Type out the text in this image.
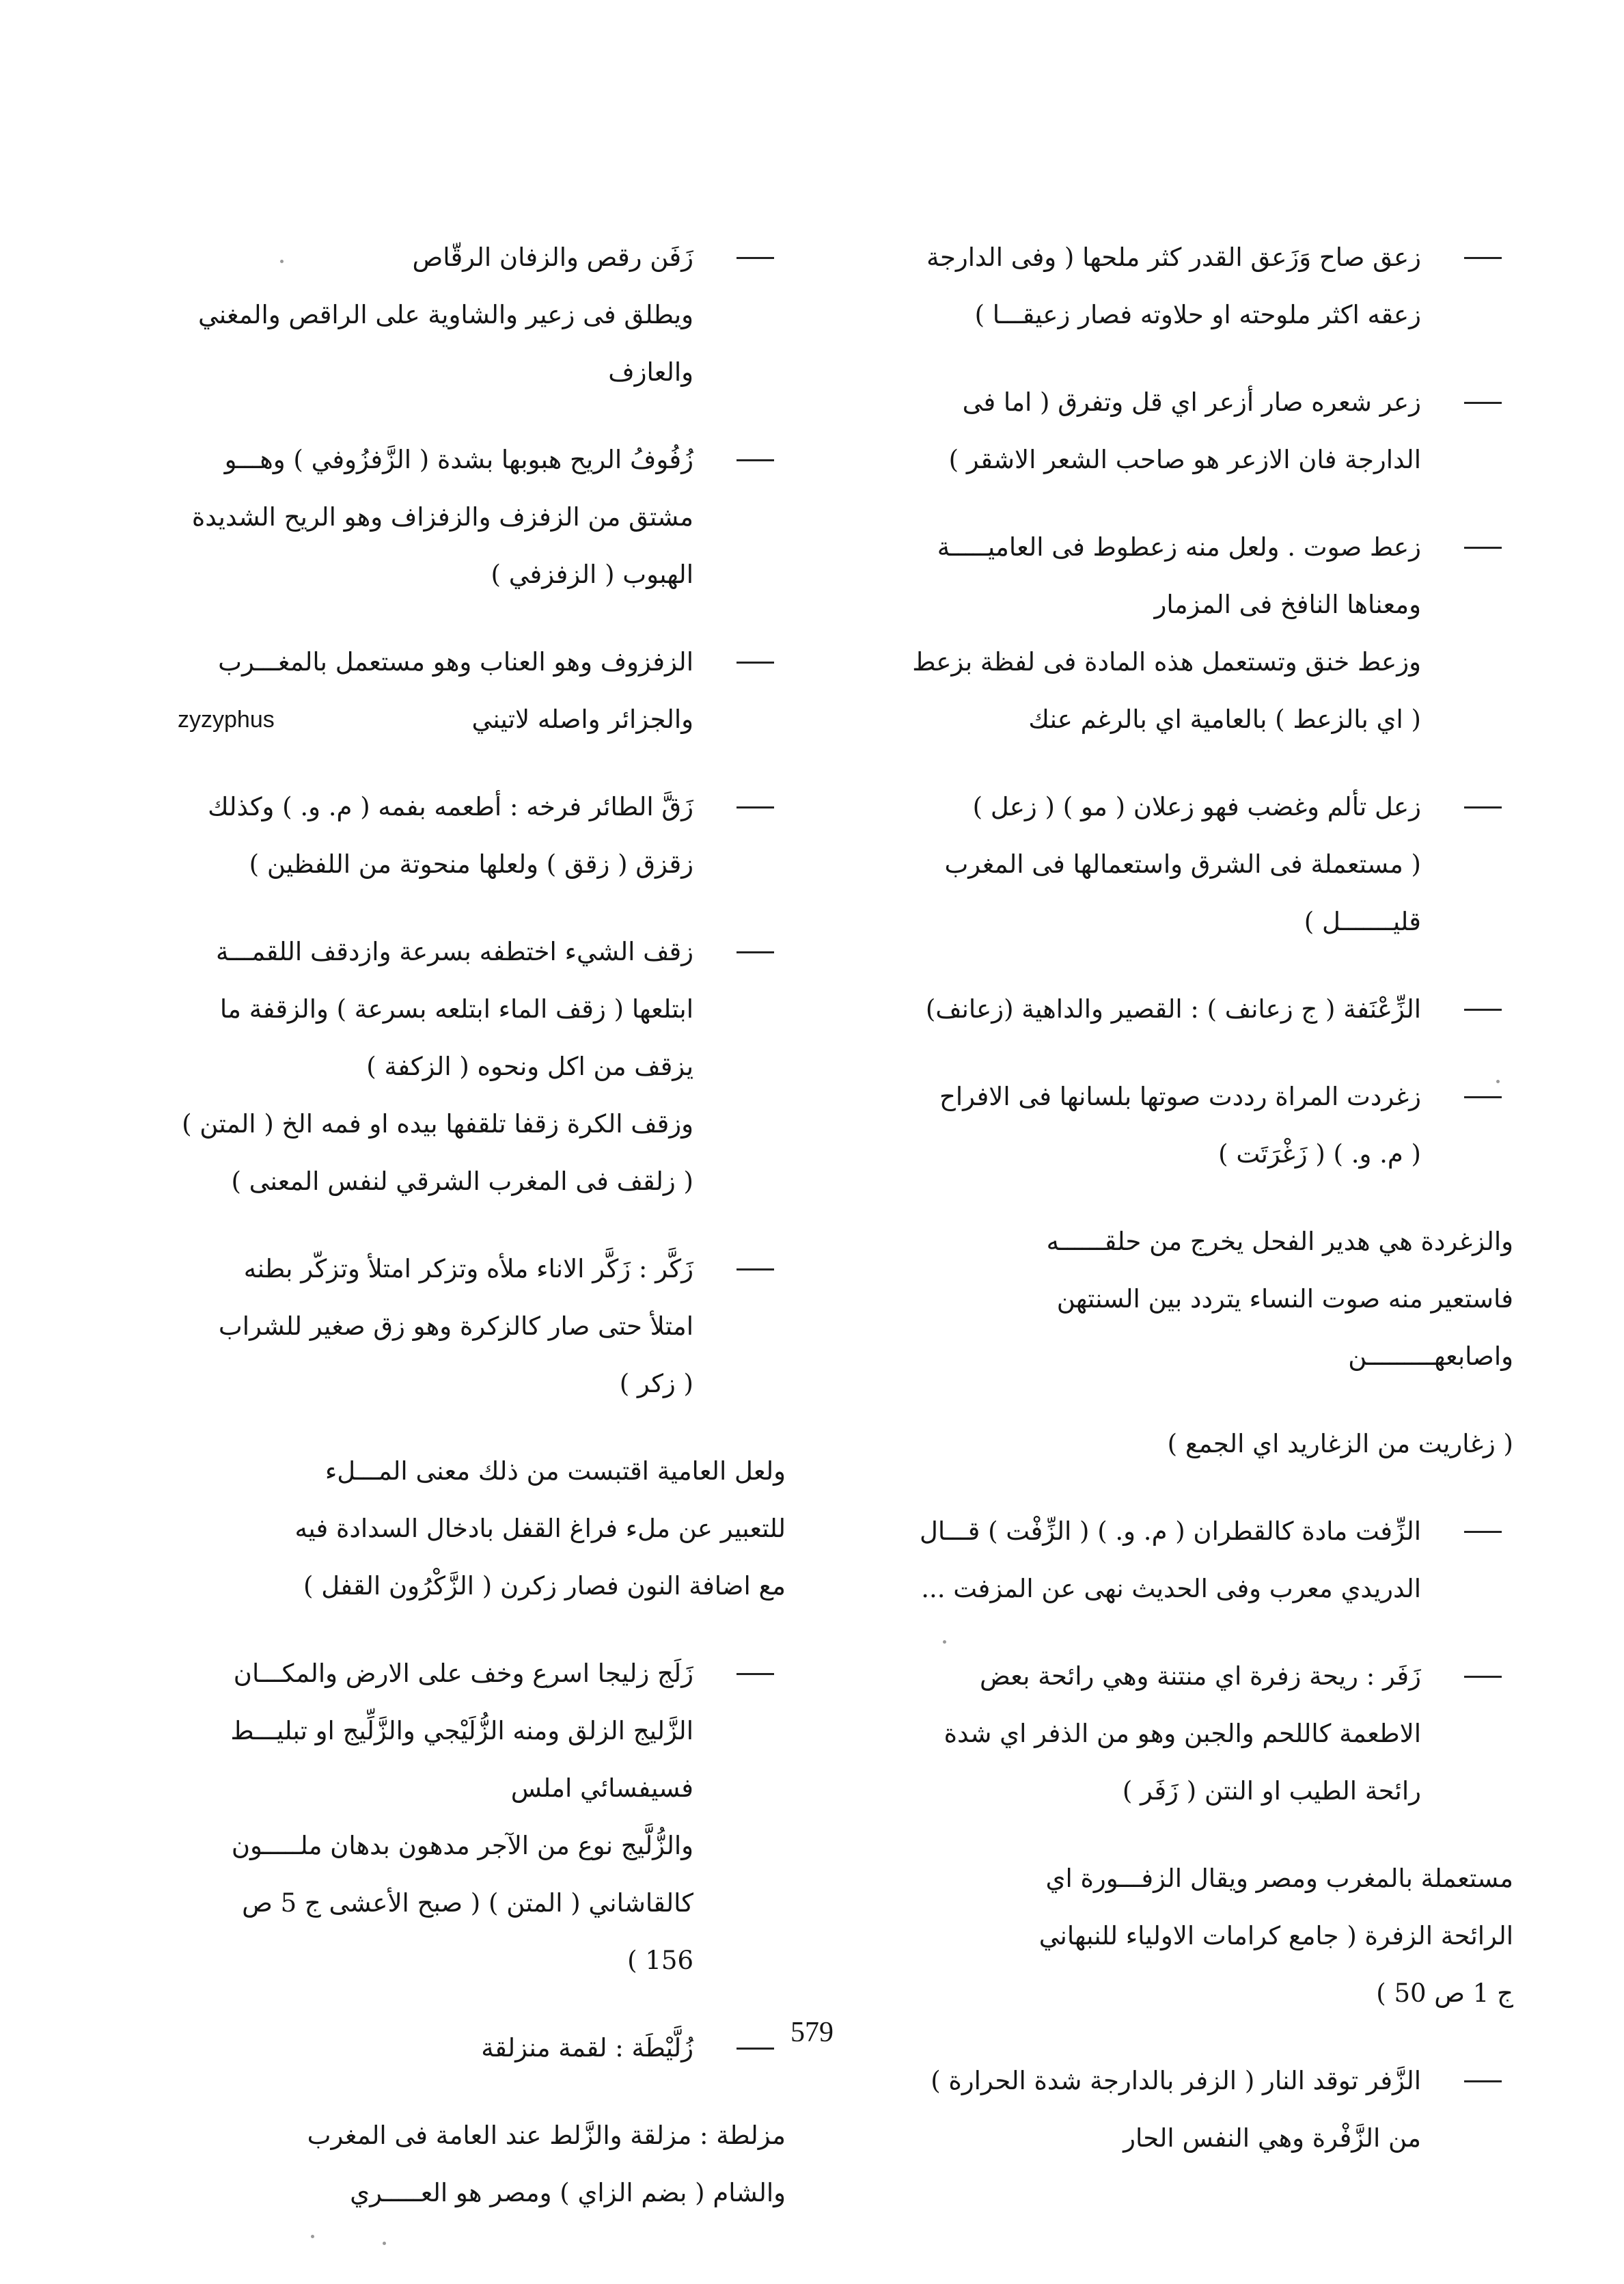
زعق صاح وَزَعق القدر كثر ملحها ( وفى الدارجة
زعقه اكثر ملوحته او حلاوته فصار زعيقـــا )
زعر شعره صار أزعر اي قل وتفرق ( اما فى
الدارجة فان الازعر هو صاحب الشعر الاشقر )
زعط صوت . ولعل منه زعطوط فى العاميـــــة
ومعناها النافخ فى المزمار
وزعط خنق وتستعمل هذه المادة فى لفظة بزعط
( اي بالزعط ) بالعامية اي بالرغم عنك
زعل تألم وغضب فهو زعلان ( مو ) ( زعل )
( مستعملة فى الشرق واستعمالها فى المغرب
قليـــــــل )
الزِّعْنَفة ( ج زعانف ) : القصير والداهية (زعانف)
زغردت المراة رددت صوتها بلسانها فى الافراح
( م. و. ) ( زَغْرَتَت )
والزغردة هي هدير الفحل يخرج من حلقــــــه
فاستعير منه صوت النساء يتردد بين السنتهن
واصابعهـــــــــن
( زغاريت من الزغاريد اي الجمع )
الزِّفت مادة كالقطران ( م. و. ) ( الزِّفْت ) قـــال
الدريدي معرب وفى الحديث نهى عن المزفت ...
زَفَر : ريحة زفرة اي منتنة وهي رائحة بعض
الاطعمة كاللحم والجبن وهو من الذفر اي شدة
رائحة الطيب او النتن ( زَفَر )
مستعملة بالمغرب ومصر ويقال الزفـــورة اي
الرائحة الزفرة ( جامع كرامات الاولياء للنبهاني
ج 1 ص 50 )
الزَّفر توقد النار ( الزفر بالدارجة شدة الحرارة )
من الزَّفْرة وهي النفس الحار
زَفَن رقص والزفان الرقّاص
ويطلق فى زعير والشاوية على الراقص والمغني
والعازف
زُفُوفُ الريح هبوبها بشدة ( الزَّفزُوفي ) وهـــو
مشتق من الزفزف والزفزاف وهو الريح الشديدة
الهبوب ( الزفزفي )
الزفزوف وهو العناب وهو مستعمل بالمغـــرب
والجزائر واصله لاتيني
zyzyphus
زَقَّ الطائر فرخه : أطعمه بفمه ( م. و. ) وكذلك
زقزق ( زقق ) ولعلها منحوتة من اللفظين )
زقف الشيء اختطفه بسرعة وازدقف اللقمـــة
ابتلعها ( زقف الماء ابتلعه بسرعة ) والزقفة ما
يزقف من اكل ونحوه ( الزكفة )
وزقف الكرة زقفا تلقفها بيده او فمه الخ ( المتن )
( زلقف فى المغرب الشرقي لنفس المعنى )
زَكَّر : زَكَّر الاناء ملأه وتزكر امتلأ وتزكّر بطنه
امتلأ حتى صار كالزكرة وهو زق صغير للشراب
( زكر )
ولعل العامية اقتبست من ذلك معنى المـــلء
للتعبير عن ملء فراغ القفل بادخال السدادة فيه
مع اضافة النون فصار زكرن ( الزَّكْرُون القفل )
زَلَج زليجا اسرع وخف على الارض والمكـــان
الزَّليج الزلق ومنه الزُّلَيْجي والزَّلِّيج او تبليـــط
فسيفسائي املس
والزُّلَّيج نوع من الآجر مدهون بدهان ملـــــون
كالقاشاني ( المتن ) ( صبح الأعشى ج 5 ص
156 )
زُلَّيْطَة : لقمة منزلقة
مزلطة : مزلقة والزَّلط عند العامة فى المغرب
والشام ( بضم الزاي ) ومصر هو العـــــري
579
